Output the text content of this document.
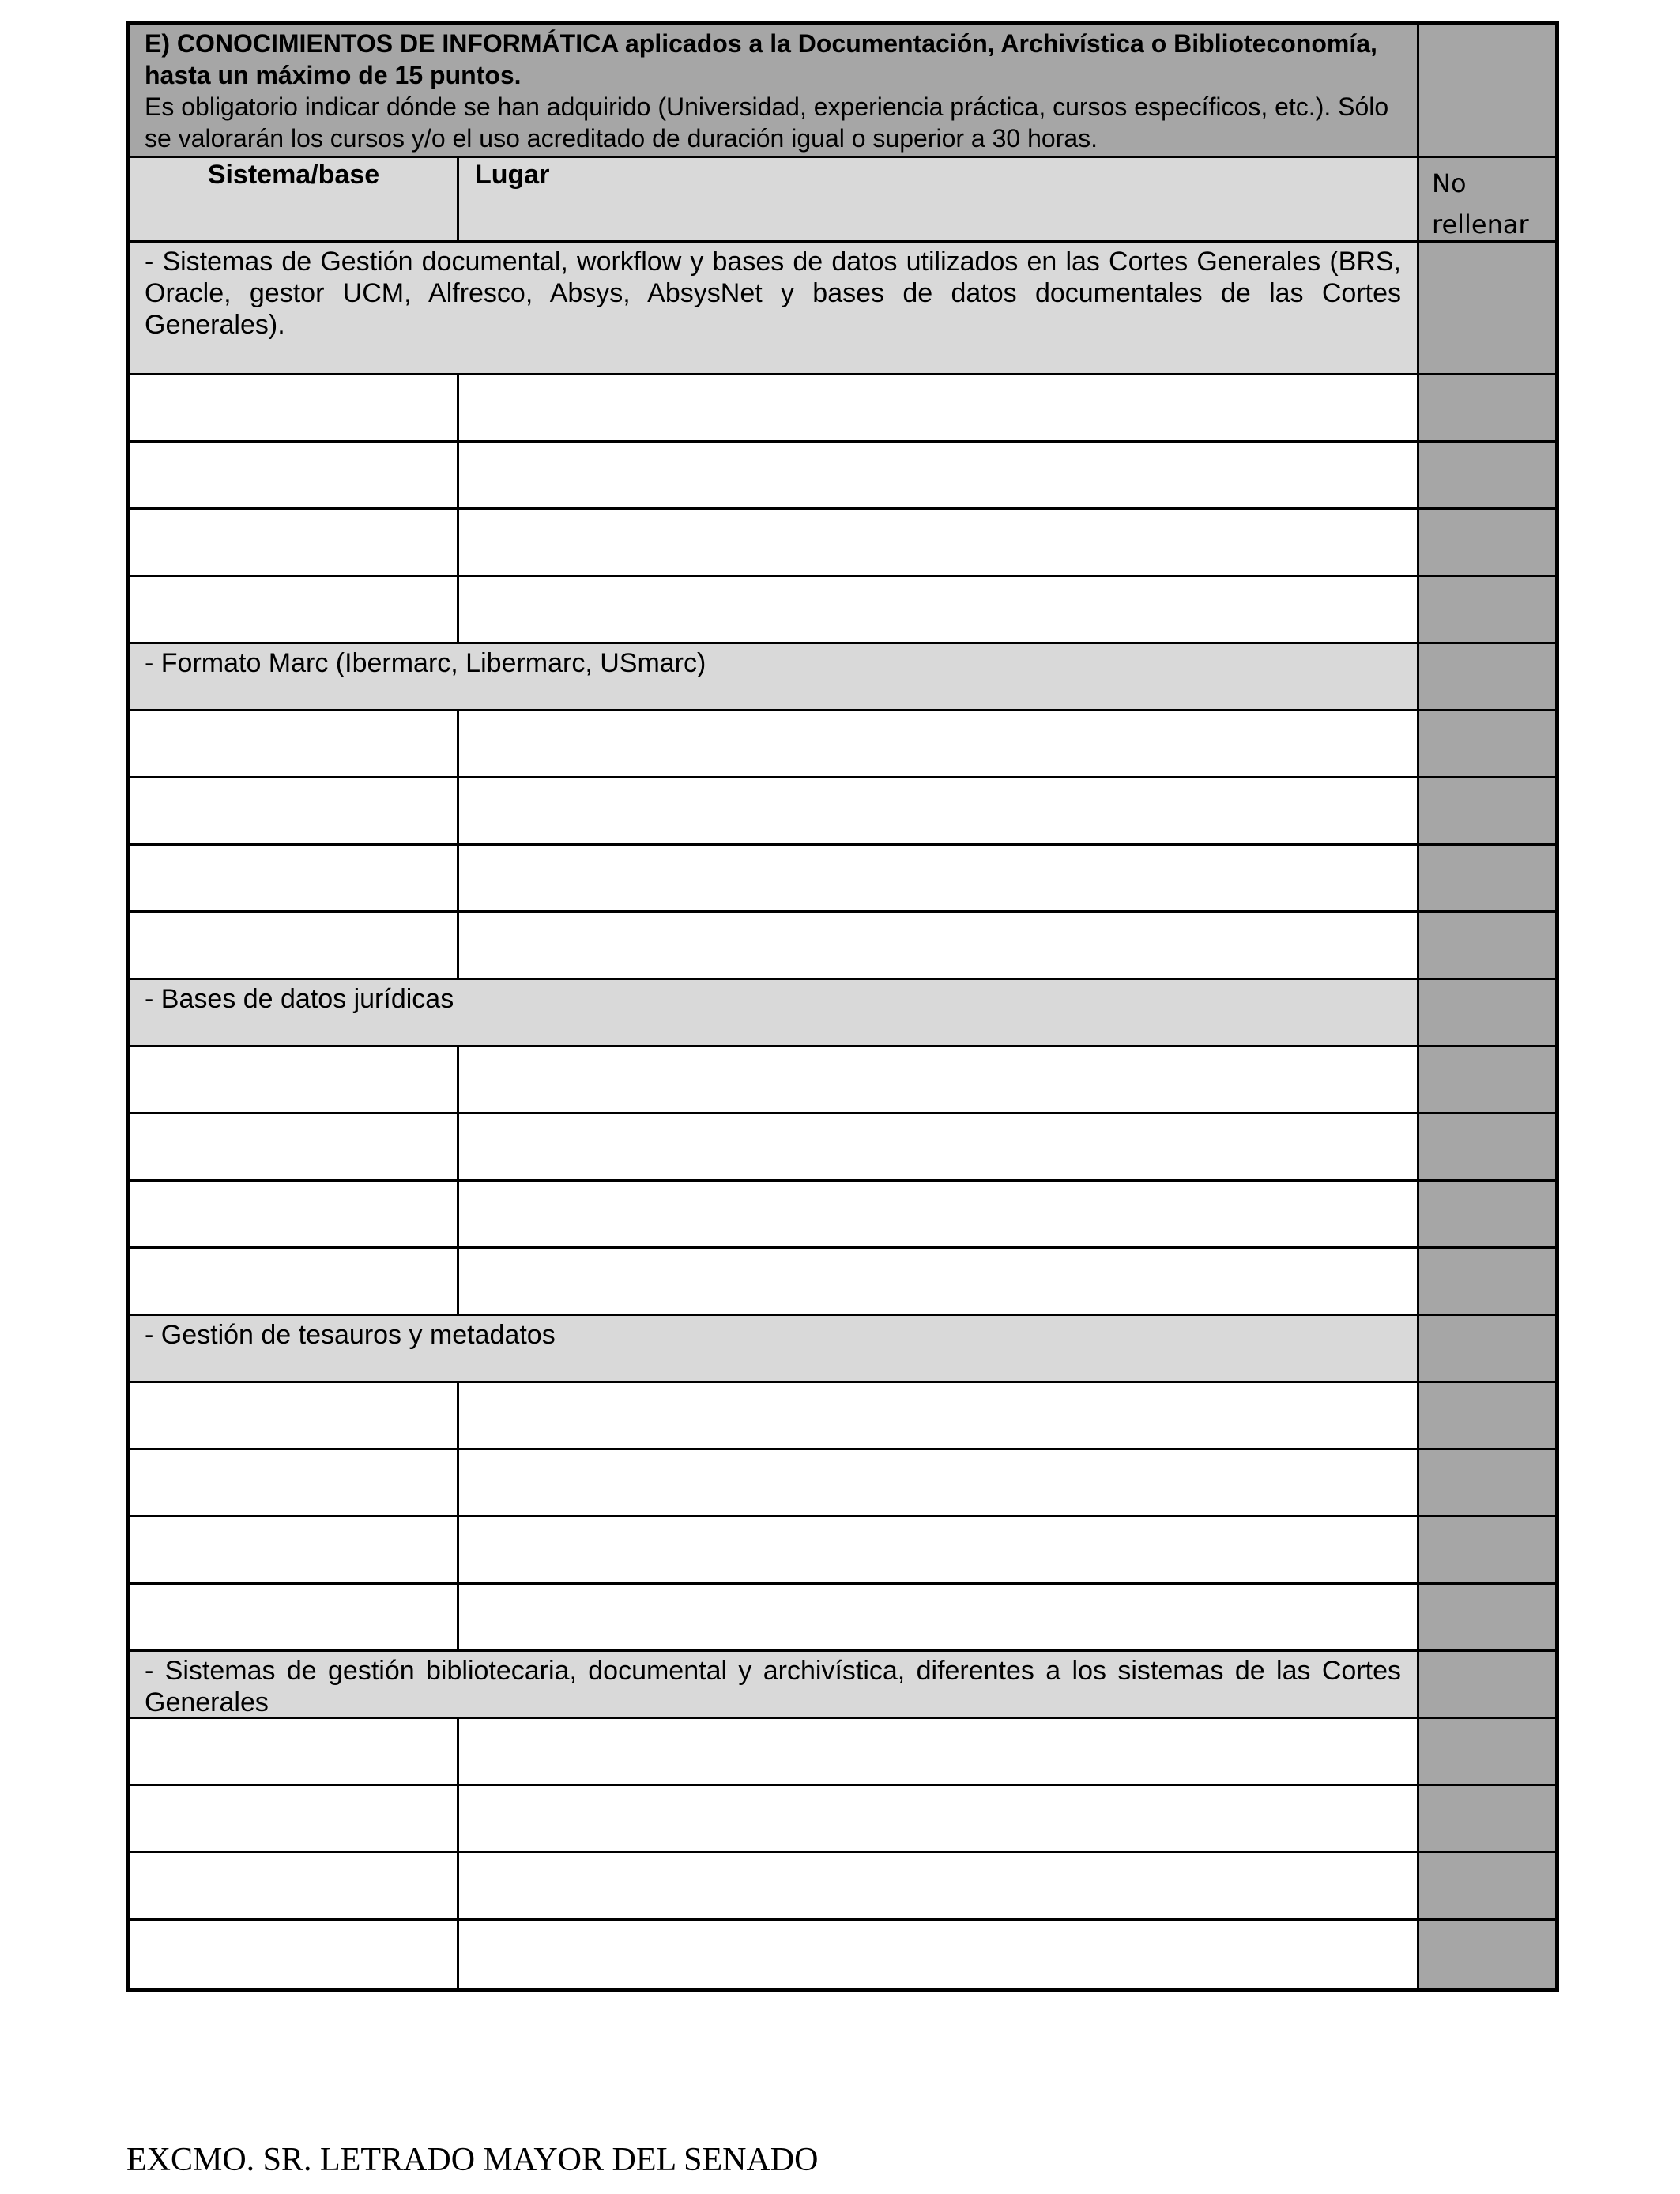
E) CONOCIMIENTOS DE INFORMÁTICA aplicados a la Documentación, Archivística o Biblioteconomía, hasta un máximo de 15 puntos.
Es obligatorio indicar dónde se han adquirido (Universidad, experiencia práctica, cursos específicos, etc.). Sólo se valorarán los cursos y/o el uso acreditado de duración igual o superior a 30 horas.
Sistema/base	Lugar	No rellenar
- Sistemas de Gestión documental, workflow y bases de datos utilizados en las Cortes Generales (BRS, Oracle, gestor UCM, Alfresco, Absys, AbsysNet y bases de datos documentales de las Cortes Generales).
- Formato Marc (Ibermarc, Libermarc, USmarc)
- Bases de datos jurídicas
- Gestión de tesauros y metadatos
- Sistemas de gestión bibliotecaria, documental y archivística, diferentes a los sistemas de las Cortes Generales
EXCMO. SR. LETRADO MAYOR DEL SENADO
